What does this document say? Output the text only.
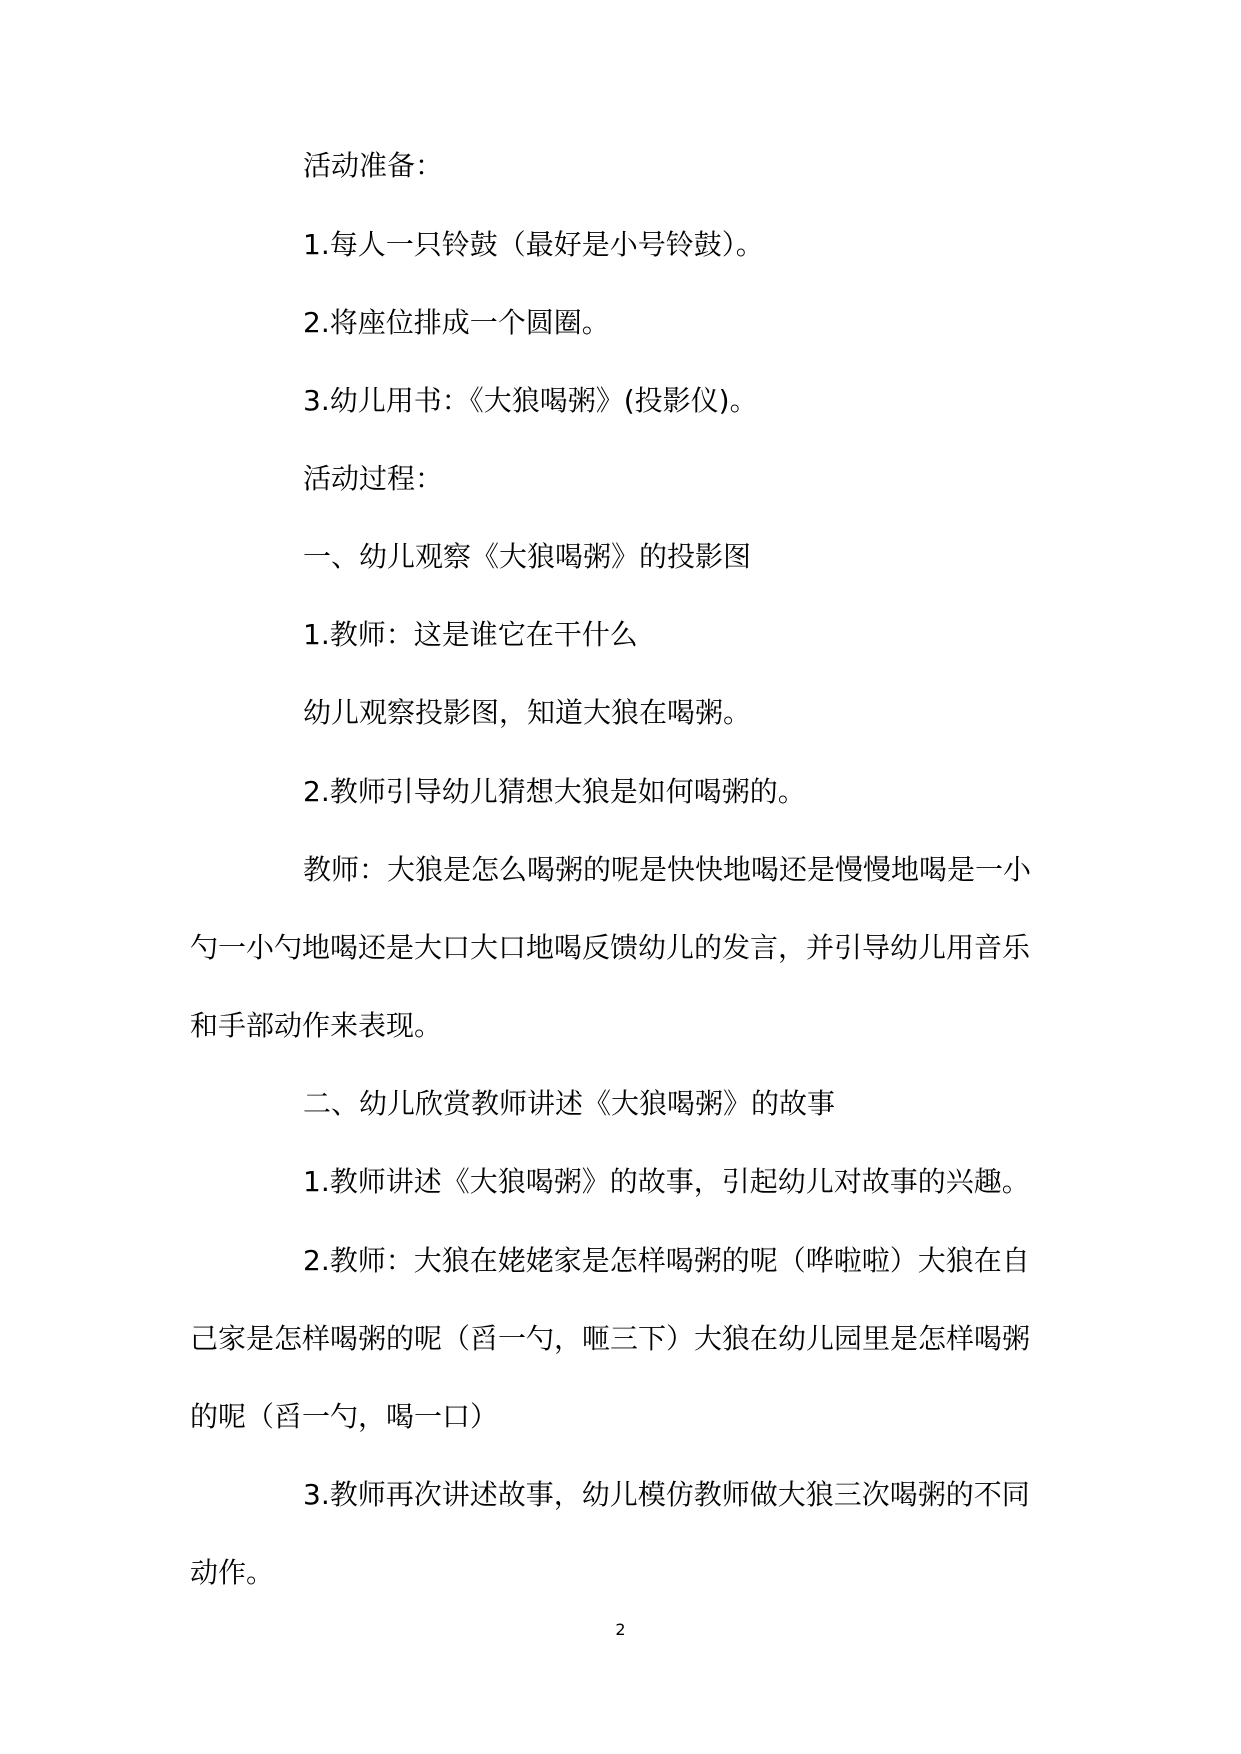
活动准备：

1.每人一只铃鼓（最好是小号铃鼓）。

2.将座位排成一个圆圈。

3.幼儿用书：《大狼喝粥》(投影仪)。

活动过程：

一、幼儿观察《大狼喝粥》的投影图

1.教师：这是谁它在干什么

幼儿观察投影图，知道大狼在喝粥。

2.教师引导幼儿猜想大狼是如何喝粥的。

教师：大狼是怎么喝粥的呢是快快地喝还是慢慢地喝是一小

勺一小勺地喝还是大口大口地喝反馈幼儿的发言，并引导幼儿用音乐

和手部动作来表现。

二、幼儿欣赏教师讲述《大狼喝粥》的故事

1.教师讲述《大狼喝粥》的故事，引起幼儿对故事的兴趣。

2.教师：大狼在姥姥家是怎样喝粥的呢（哗啦啦）大狼在自

己家是怎样喝粥的呢（舀一勺，咂三下）大狼在幼儿园里是怎样喝粥

的呢（舀一勺，喝一口）

3.教师再次讲述故事，幼儿模仿教师做大狼三次喝粥的不同

动作。

2
